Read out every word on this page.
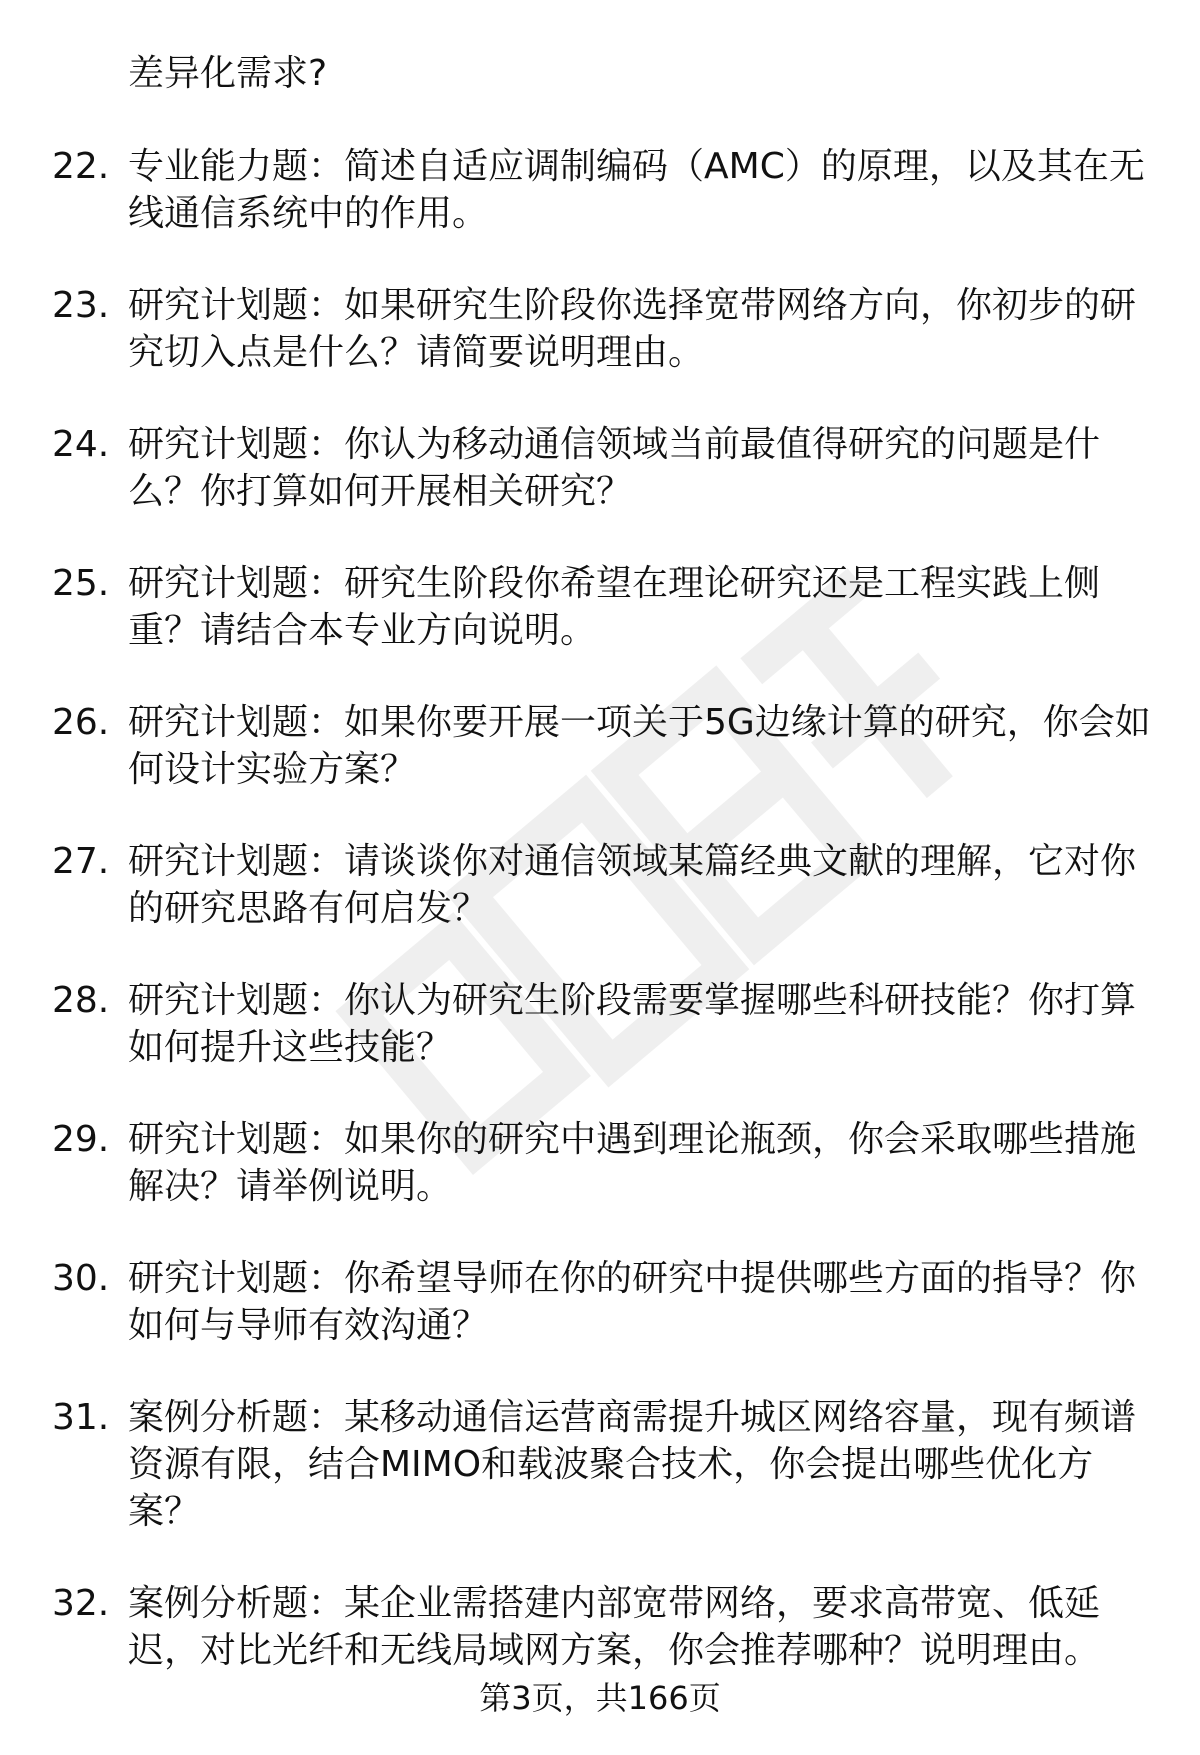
差异化需求?
22. 专业能力题：简述自适应调制编码（AMC）的原理，以及其在无线通信系统中的作用。
23. 研究计划题：如果研究生阶段你选择宽带网络方向，你初步的研究切入点是什么？请简要说明理由。
24. 研究计划题：你认为移动通信领域当前最值得研究的问题是什么？你打算如何开展相关研究？
25. 研究计划题：研究生阶段你希望在理论研究还是工程实践上侧重？请结合本专业方向说明。
26. 研究计划题：如果你要开展一项关于5G边缘计算的研究，你会如何设计实验方案？
27. 研究计划题：请谈谈你对通信领域某篇经典文献的理解，它对你的研究思路有何启发？
28. 研究计划题：你认为研究生阶段需要掌握哪些科研技能？你打算如何提升这些技能？
29. 研究计划题：如果你的研究中遇到理论瓶颈，你会采取哪些措施解决？请举例说明。
30. 研究计划题：你希望导师在你的研究中提供哪些方面的指导？你如何与导师有效沟通？
31. 案例分析题：某移动通信运营商需提升城区网络容量，现有频谱资源有限，结合MIMO和载波聚合技术，你会提出哪些优化方案？
32. 案例分析题：某企业需搭建内部宽带网络，要求高带宽、低延迟，对比光纤和无线局域网方案，你会推荐哪种？说明理由。
第3页，共166页
